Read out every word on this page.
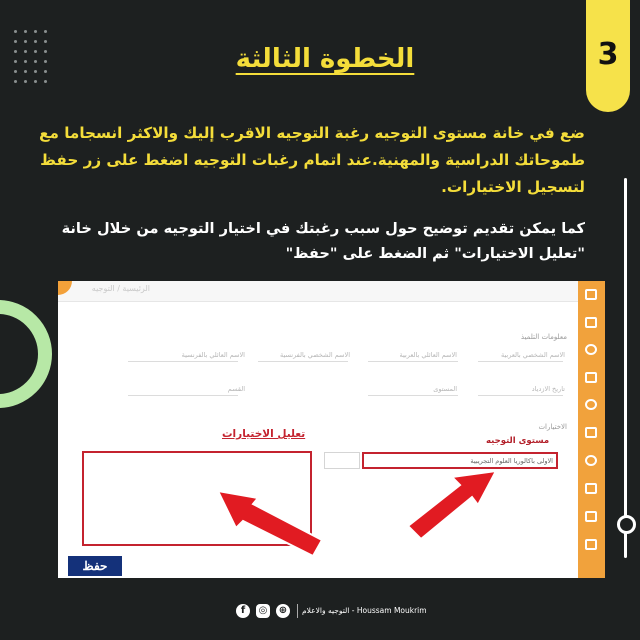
3
الخطوة الثالثة
ضع في خانة مستوى التوجيه رغبة التوجيه الاقرب إليك والاكثر انسجاما مع طموحاتك الدراسية والمهنية.عند اتمام رغبات التوجيه اضغط على زر حفظ لتسجيل الاختيارات.
كما يمكن تقديم توضيح حول سبب رغبتك في اختيار التوجيه من خلال خانة "تعليل الاختيارات" ثم الضغط على "حفظ"
الرئيسية / التوجيه
معلومات التلميذ
الاسم الشخصي بالعربية
الاسم العائلي بالعربية
الاسم الشخصي بالفرنسية
الاسم العائلي بالفرنسية
تاريخ الازدياد
المستوى
القسم
الاختيارات
مستوى التوجيه
الاولى باكالوريا العلوم التجريبية
تعليل الاختيارات
حفظ
f	◎ ⊕	التوجيه والاعلام - Houssam Moukrim
